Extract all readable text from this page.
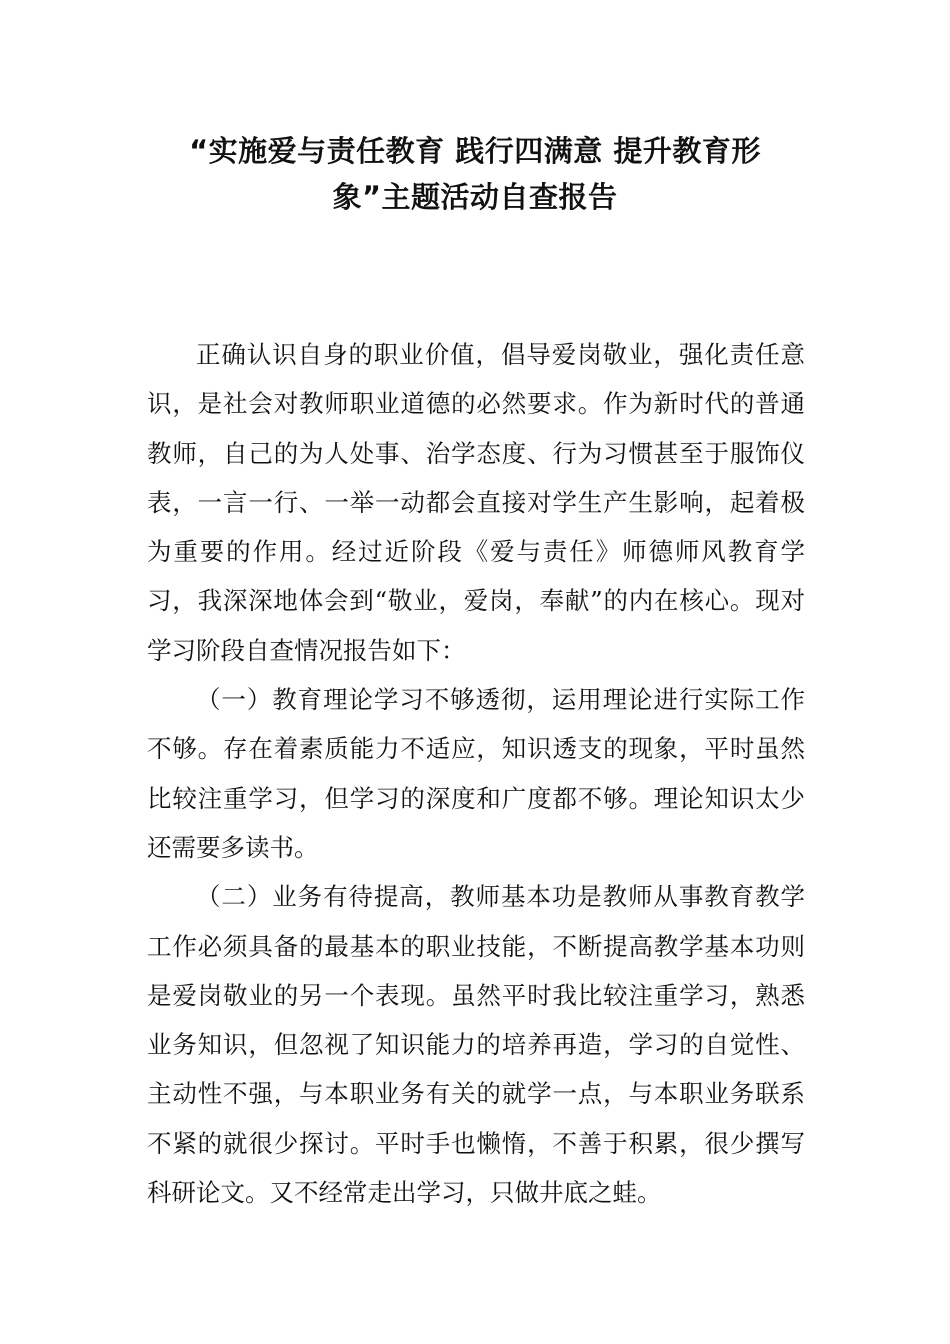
“实施爱与责任教育 践行四满意 提升教育形
象”主题活动自查报告

正确认识自身的职业价值，倡导爱岗敬业，强化责任意识，是社会对教师职业道德的必然要求。作为新时代的普通教师，自己的为人处事、治学态度、行为习惯甚至于服饰仪表，一言一行、一举一动都会直接对学生产生影响，起着极为重要的作用。经过近阶段《爱与责任》师德师风教育学习，我深深地体会到“敬业，爱岗，奉献”的内在核心。现对学习阶段自查情况报告如下：

（一）教育理论学习不够透彻，运用理论进行实际工作不够。存在着素质能力不适应，知识透支的现象，平时虽然比较注重学习，但学习的深度和广度都不够。理论知识太少还需要多读书。

（二）业务有待提高，教师基本功是教师从事教育教学工作必须具备的最基本的职业技能，不断提高教学基本功则是爱岗敬业的另一个表现。虽然平时我比较注重学习，熟悉业务知识，但忽视了知识能力的培养再造，学习的自觉性、主动性不强，与本职业务有关的就学一点，与本职业务联系不紧的就很少探讨。平时手也懒惰，不善于积累，很少撰写科研论文。又不经常走出学习，只做井底之蛙。
